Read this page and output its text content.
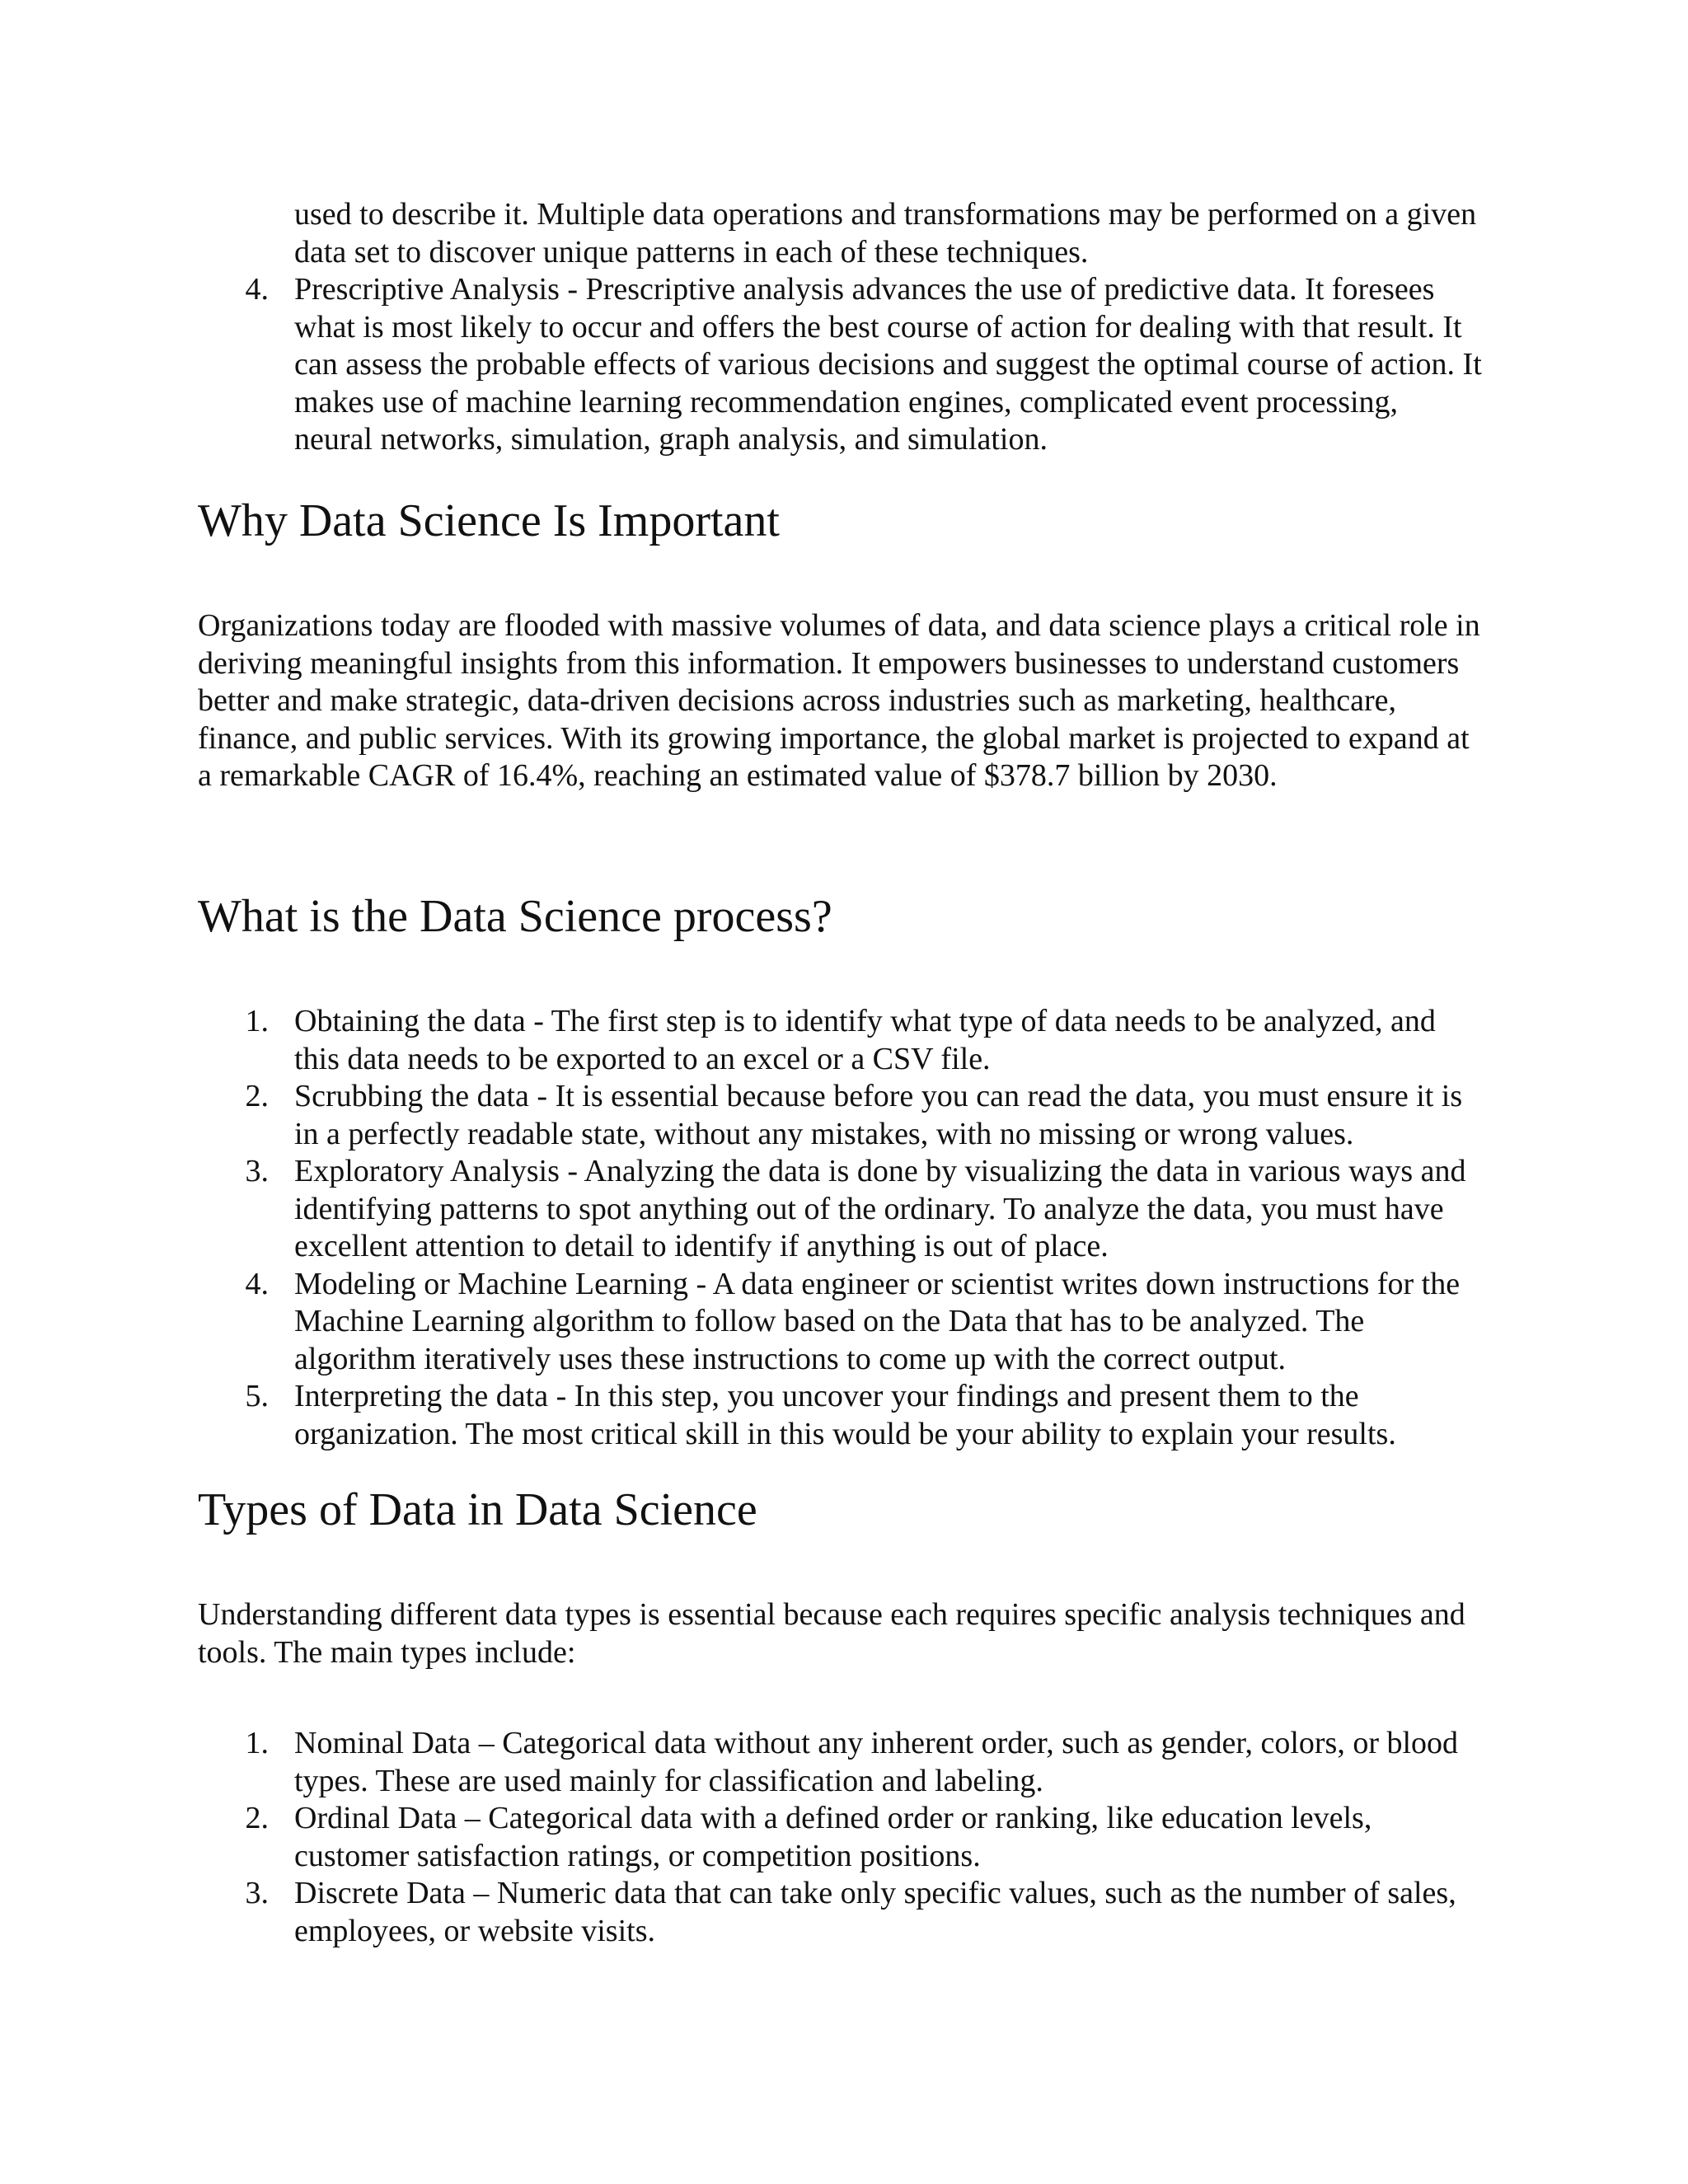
used to describe it. Multiple data operations and transformations may be performed on a given data set to discover unique patterns in each of these techniques.

4. Prescriptive Analysis - Prescriptive analysis advances the use of predictive data. It foresees what is most likely to occur and offers the best course of action for dealing with that result. It can assess the probable effects of various decisions and suggest the optimal course of action. It makes use of machine learning recommendation engines, complicated event processing, neural networks, simulation, graph analysis, and simulation.
Why Data Science Is Important

Organizations today are flooded with massive volumes of data, and data science plays a critical role in deriving meaningful insights from this information. It empowers businesses to understand customers better and make strategic, data-driven decisions across industries such as marketing, healthcare, finance, and public services. With its growing importance, the global market is projected to expand at a remarkable CAGR of 16.4%, reaching an estimated value of $378.7 billion by 2030.

What is the Data Science process?
1. Obtaining the data - The first step is to identify what type of data needs to be analyzed, and this data needs to be exported to an excel or a CSV file.
2. Scrubbing the data - It is essential because before you can read the data, you must ensure it is in a perfectly readable state, without any mistakes, with no missing or wrong values.
3. Exploratory Analysis - Analyzing the data is done by visualizing the data in various ways and identifying patterns to spot anything out of the ordinary. To analyze the data, you must have excellent attention to detail to identify if anything is out of place.
4. Modeling or Machine Learning - A data engineer or scientist writes down instructions for the Machine Learning algorithm to follow based on the Data that has to be analyzed. The algorithm iteratively uses these instructions to come up with the correct output.
5. Interpreting the data - In this step, you uncover your findings and present them to the organization. The most critical skill in this would be your ability to explain your results.
Types of Data in Data Science

Understanding different data types is essential because each requires specific analysis techniques and tools. The main types include:

1. Nominal Data – Categorical data without any inherent order, such as gender, colors, or blood types. These are used mainly for classification and labeling.
2. Ordinal Data – Categorical data with a defined order or ranking, like education levels, customer satisfaction ratings, or competition positions.
3. Discrete Data – Numeric data that can take only specific values, such as the number of sales, employees, or website visits.
